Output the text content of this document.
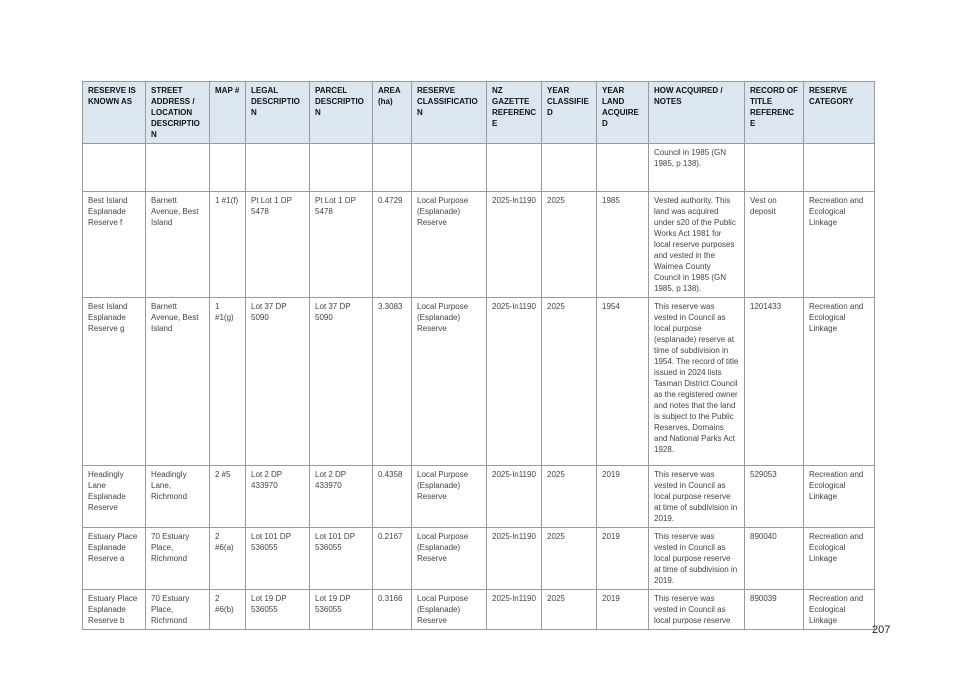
RESERVE IS KNOWN AS	STREET ADDRESS / LOCATION DESCRIPTION	MAP #	LEGAL DESCRIPTION	PARCEL DESCRIPTION	AREA (ha)	RESERVE CLASSIFICATION	NZ GAZETTE REFERENCE	YEAR CLASSIFIED	YEAR LAND ACQUIRED	HOW ACQUIRED / NOTES	RECORD OF TITLE REFERENCE	RESERVE CATEGORY
										Council in 1985 (GN 1985, p 138).		
Best Island Esplanade Reserve f	Barnett Avenue, Best Island	1 #1(f)	Pt Lot 1 DP 5478	Pt Lot 1 DP 5478	0.4729	Local Purpose (Esplanade) Reserve	2025-ln1190	2025	1985	Vested authority. This land was acquired under s20 of the Public Works Act 1981 for local reserve purposes and vested in the Waimea County Council in 1985 (GN 1985, p 138).	Vest on deposit	Recreation and Ecological Linkage
Best Island Esplanade Reserve g	Barnett Avenue, Best Island	1 #1(g)	Lot 37 DP 5090	Lot 37 DP 5090	3.3083	Local Purpose (Esplanade) Reserve	2025-ln1190	2025	1954	This reserve was vested in Council as local purpose (esplanade) reserve at time of subdivision in 1954. The record of title issued in 2024 lists Tasman District Council as the registered owner and notes that the land is subject to the Public Reserves, Domains and National Parks Act 1928.	1201433	Recreation and Ecological Linkage
Headingly Lane Esplanade Reserve	Headingly Lane, Richmond	2 #5	Lot 2 DP 433970	Lot 2 DP 433970	0.4358	Local Purpose (Esplanade) Reserve	2025-ln1190	2025	2019	This reserve was vested in Council as local purpose reserve at time of subdivision in 2019.	529053	Recreation and Ecological Linkage
Estuary Place Esplanade Reserve a	70 Estuary Place, Richmond	2 #6(a)	Lot 101 DP 536055	Lot 101 DP 536055	0.2167	Local Purpose (Esplanade) Reserve	2025-ln1190	2025	2019	This reserve was vested in Council as local purpose reserve at time of subdivision in 2019.	890040	Recreation and Ecological Linkage
Estuary Place Esplanade Reserve b	70 Estuary Place, Richmond	2 #6(b)	Lot 19 DP 536055	Lot 19 DP 536055	0.3166	Local Purpose (Esplanade) Reserve	2025-ln1190	2025	2019	This reserve was vested in Council as local purpose reserve	890039	Recreation and Ecological Linkage
207
